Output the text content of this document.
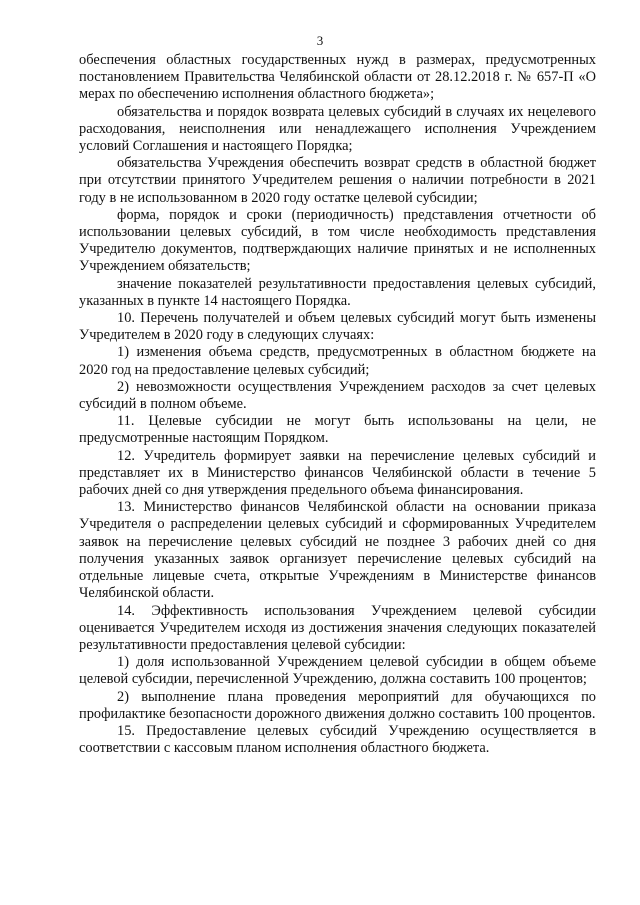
3

обеспечения областных государственных нужд в размерах, предусмотренных постановлением Правительства Челябинской области от 28.12.2018 г. № 657-П «О мерах по обеспечению исполнения областного бюджета»;

обязательства и порядок возврата целевых субсидий в случаях их нецелевого расходования, неисполнения или ненадлежащего исполнения Учреждением условий Соглашения и настоящего Порядка;

обязательства Учреждения обеспечить возврат средств в областной бюджет при отсутствии принятого Учредителем решения о наличии потребности в 2021 году в не использованном в 2020 году остатке целевой субсидии;

форма, порядок и сроки (периодичность) представления отчетности об использовании целевых субсидий, в том числе необходимость представления Учредителю документов, подтверждающих наличие принятых и не исполненных Учреждением обязательств;

значение показателей результативности предоставления целевых субсидий, указанных в пункте 14 настоящего Порядка.

10. Перечень получателей и объем целевых субсидий могут быть изменены Учредителем в 2020 году в следующих случаях:

1) изменения объема средств, предусмотренных в областном бюджете на 2020 год на предоставление целевых субсидий;

2) невозможности осуществления Учреждением расходов за счет целевых субсидий в полном объеме.

11. Целевые субсидии не могут быть использованы на цели, не предусмотренные настоящим Порядком.

12. Учредитель формирует заявки на перечисление целевых субсидий и представляет их в Министерство финансов Челябинской области в течение 5 рабочих дней со дня утверждения предельного объема финансирования.

13. Министерство финансов Челябинской области на основании приказа Учредителя о распределении целевых субсидий и сформированных Учредителем заявок на перечисление целевых субсидий не позднее 3 рабочих дней со дня получения указанных заявок организует перечисление целевых субсидий на отдельные лицевые счета, открытые Учреждениям в Министерстве финансов Челябинской области.

14. Эффективность использования Учреждением целевой субсидии оценивается Учредителем исходя из достижения значения следующих показателей результативности предоставления целевой субсидии:

1) доля использованной Учреждением целевой субсидии в общем объеме целевой субсидии, перечисленной Учреждению, должна составить 100 процентов;

2) выполнение плана проведения мероприятий для обучающихся по профилактике безопасности дорожного движения должно составить 100 процентов.

15. Предоставление целевых субсидий Учреждению осуществляется в соответствии с кассовым планом исполнения областного бюджета.
